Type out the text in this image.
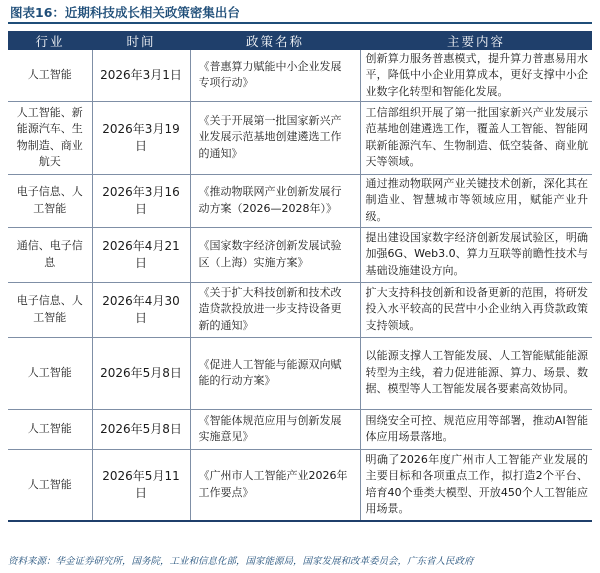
图表16：近期科技成长相关政策密集出台
行业	时间	政策名称	主要内容
人工智能	2026年3月1日	《普惠算力赋能中小企业发展专项行动》	创新算力服务普惠模式，提升算力普惠易用水平，降低中小企业用算成本，更好支撑中小企业数字化转型和智能化发展。
人工智能、新能源汽车、生物制造、商业航天	2026年3月19日	《关于开展第一批国家新兴产业发展示范基地创建遴选工作的通知》	工信部组织开展了第一批国家新兴产业发展示范基地创建遴选工作，覆盖人工智能、智能网联新能源汽车、生物制造、低空装备、商业航天等领域。
电子信息、人工智能	2026年3月16日	《推动物联网产业创新发展行动方案（2026—2028年）》	通过推动物联网产业关键技术创新，深化其在制造业、智慧城市等领域应用，赋能产业升级。
通信、电子信息	2026年4月21日	《国家数字经济创新发展试验区（上海）实施方案》	提出建设国家数字经济创新发展试验区，明确加强6G、Web3.0、算力互联等前瞻性技术与基础设施建设方向。
电子信息、人工智能	2026年4月30日	《关于扩大科技创新和技术改造贷款投放进一步支持设备更新的通知》	扩大支持科技创新和设备更新的范围，将研发投入水平较高的民营中小企业纳入再贷款政策支持领域。
人工智能	2026年5月8日	《促进人工智能与能源双向赋能的行动方案》	以能源支撑人工智能发展、人工智能赋能能源转型为主线，着力促进能源、算力、场景、数据、模型等人工智能发展各要素高效协同。
人工智能	2026年5月8日	《智能体规范应用与创新发展实施意见》	围绕安全可控、规范应用等部署，推动AI智能体应用场景落地。
人工智能	2026年5月11日	《广州市人工智能产业2026年工作要点》	明确了2026年度广州市人工智能产业发展的主要目标和各项重点工作，拟打造2个平台、培育40个垂类大模型、开放450个人工智能应用场景。
资料来源：华金证券研究所，国务院，工业和信息化部，国家能源局，国家发展和改革委员会，广东省人民政府
